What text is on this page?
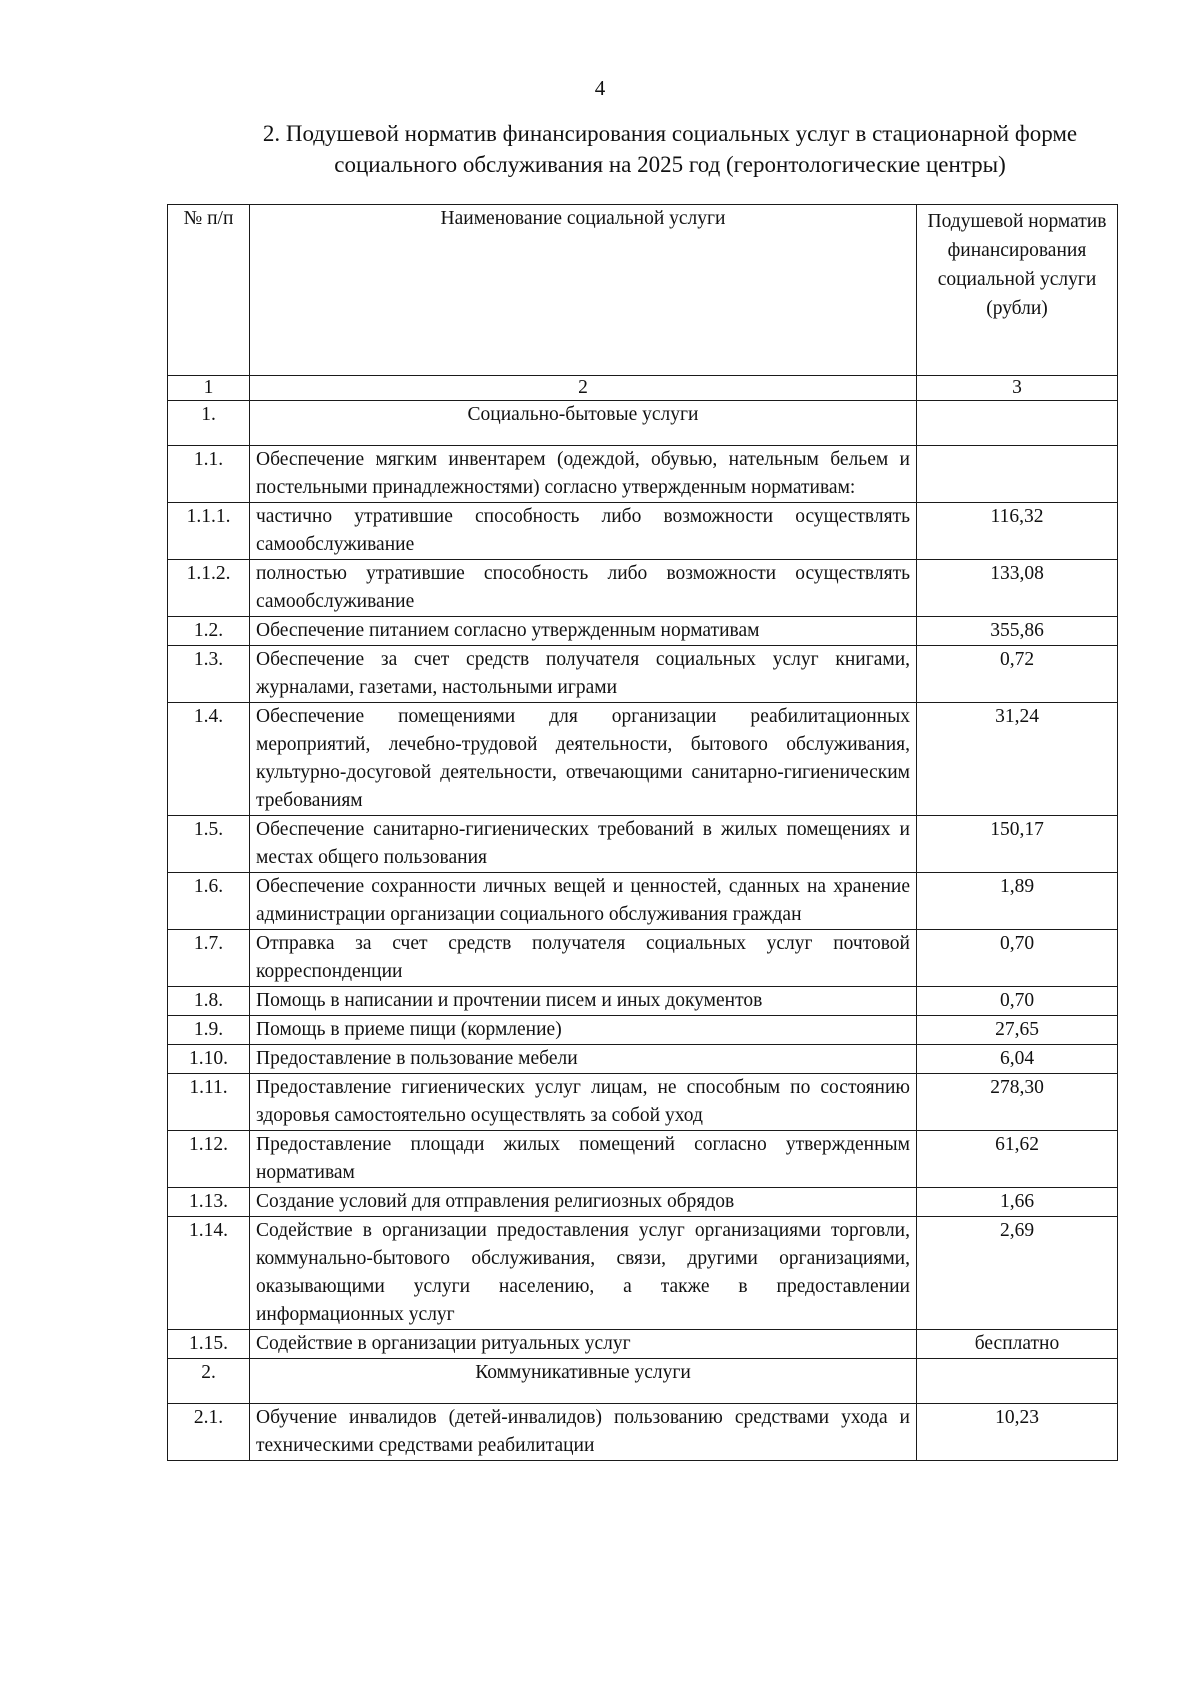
4
2. Подушевой норматив финансирования социальных услуг в стационарной форме
социального обслуживания на 2025 год (геронтологические центры)
№ п/п	Наименование социальной услуги	Подушевой норматив финансирования социальной услуги (рубли)
1	2	3
1.	Социально-бытовые услуги	
1.1.	Обеспечение мягким инвентарем (одеждой, обувью, нательным бельем и постельными принадлежностями) согласно утвержденным нормативам:	
1.1.1.	частично утратившие способность либо возможности осуществлять самообслуживание	116,32
1.1.2.	полностью утратившие способность либо возможности осуществлять самообслуживание	133,08
1.2.	Обеспечение питанием согласно утвержденным нормативам	355,86
1.3.	Обеспечение за счет средств получателя социальных услуг книгами, журналами, газетами, настольными играми	0,72
1.4.	Обеспечение помещениями для организации реабилитационных мероприятий, лечебно-трудовой деятельности, бытового обслуживания, культурно-досуговой деятельности, отвечающими санитарно-гигиеническим требованиям	31,24
1.5.	Обеспечение санитарно-гигиенических требований в жилых помещениях и местах общего пользования	150,17
1.6.	Обеспечение сохранности личных вещей и ценностей, сданных на хранение администрации организации социального обслуживания граждан	1,89
1.7.	Отправка за счет средств получателя социальных услуг почтовой корреспонденции	0,70
1.8.	Помощь в написании и прочтении писем и иных документов	0,70
1.9.	Помощь в приеме пищи (кормление)	27,65
1.10.	Предоставление в пользование мебели	6,04
1.11.	Предоставление гигиенических услуг лицам, не способным по состоянию здоровья самостоятельно осуществлять за собой уход	278,30
1.12.	Предоставление площади жилых помещений согласно утвержденным нормативам	61,62
1.13.	Создание условий для отправления религиозных обрядов	1,66
1.14.	Содействие в организации предоставления услуг организациями торговли, коммунально-бытового обслуживания, связи, другими организациями, оказывающими услуги населению, а также в предоставлении информационных услуг	2,69
1.15.	Содействие в организации ритуальных услуг	бесплатно
2.	Коммуникативные услуги	
2.1.	Обучение инвалидов (детей-инвалидов) пользованию средствами ухода и техническими средствами реабилитации	10,23
